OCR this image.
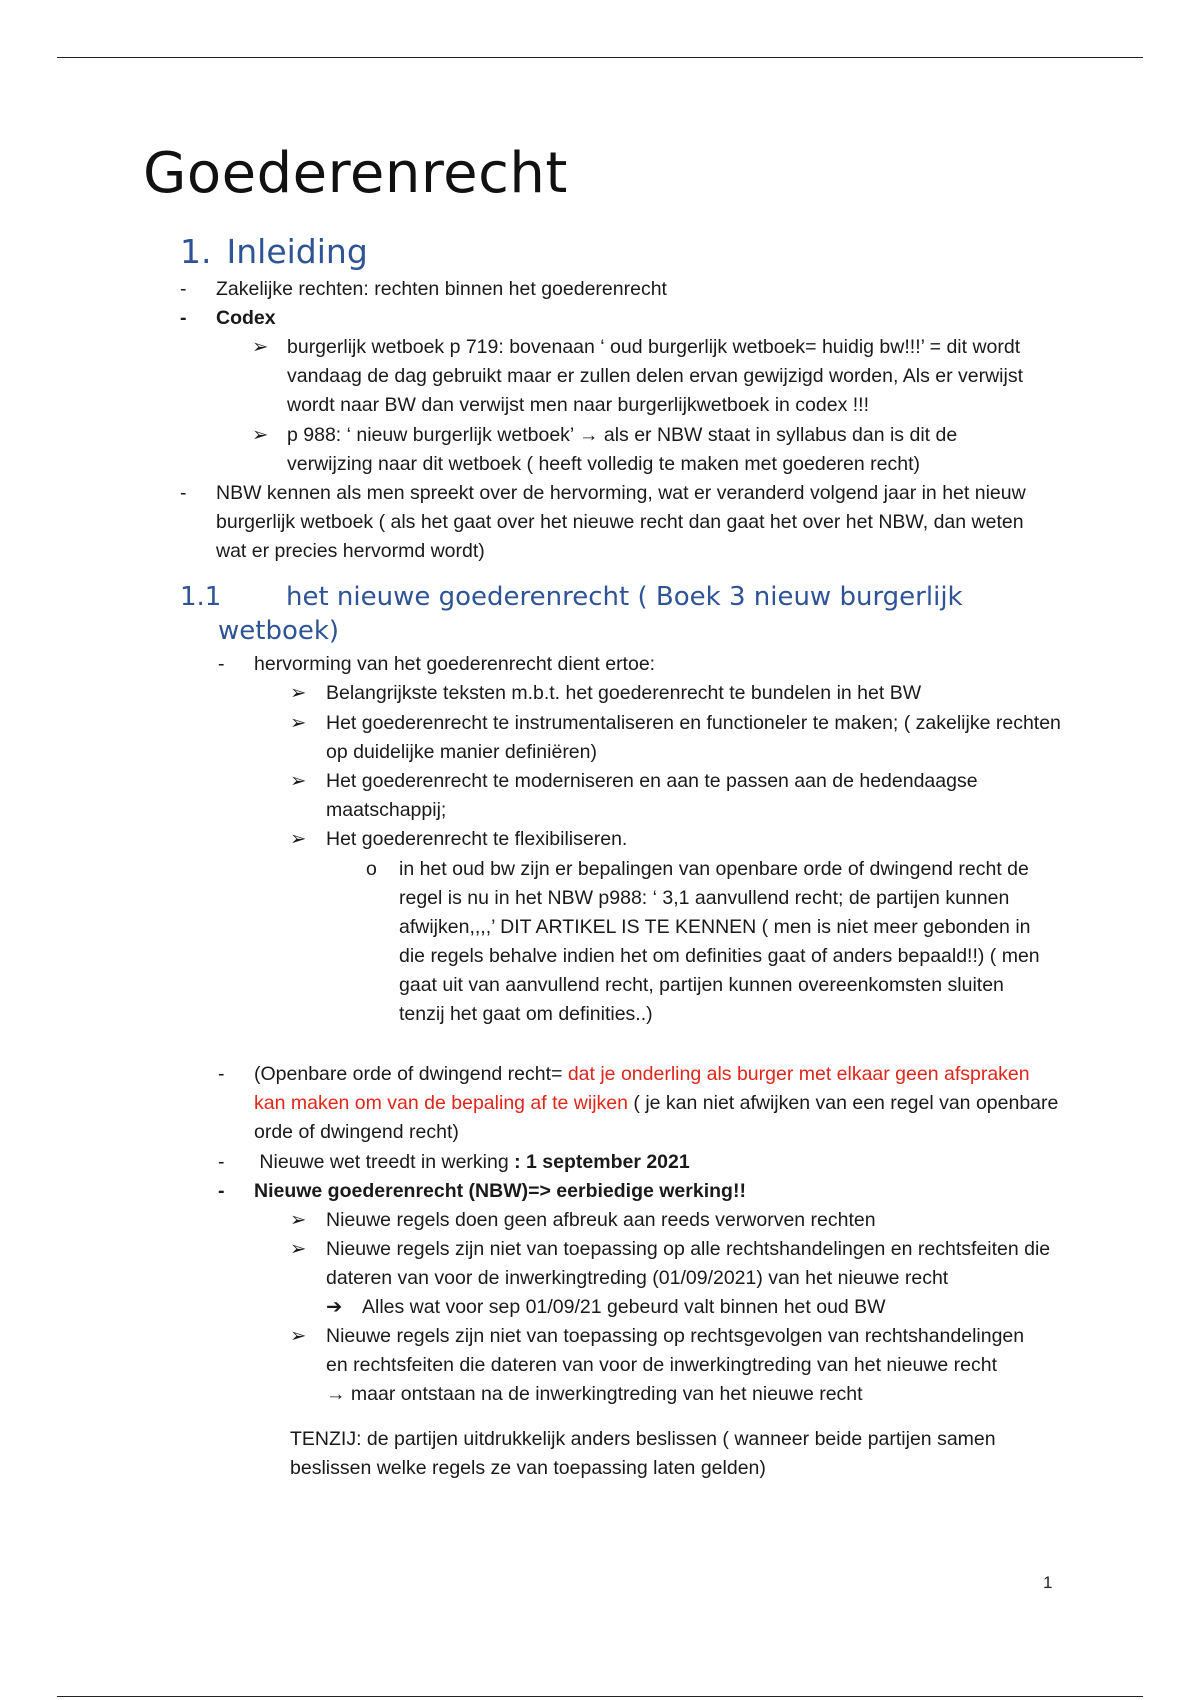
Goederenrecht
1. Inleiding
- Zakelijke rechten: rechten binnen het goederenrecht
- Codex
➢ burgerlijk wetboek p 719: bovenaan ‘ oud burgerlijk wetboek= huidig bw!!!’ = dit wordt vandaag de dag gebruikt maar er zullen delen ervan gewijzigd worden, Als er verwijst wordt naar BW dan verwijst men naar burgerlijkwetboek in codex !!!
➢ p 988: ‘ nieuw burgerlijk wetboek’ → als er NBW staat in syllabus dan is dit de verwijzing naar dit wetboek ( heeft volledig te maken met goederen recht)
- NBW kennen als men spreekt over de hervorming, wat er veranderd volgend jaar in het nieuw burgerlijk wetboek ( als het gaat over het nieuwe recht dan gaat het over het NBW, dan weten wat er precies hervormd wordt)
1.1 het nieuwe goederenrecht ( Boek 3 nieuw burgerlijk
wetboek)
- hervorming van het goederenrecht dient ertoe:
➢ Belangrijkste teksten m.b.t. het goederenrecht te bundelen in het BW
➢ Het goederenrecht te instrumentaliseren en functioneler te maken; ( zakelijke rechten op duidelijke manier definiëren)
➢ Het goederenrecht te moderniseren en aan te passen aan de hedendaagse maatschappij;
➢ Het goederenrecht te flexibiliseren.
o in het oud bw zijn er bepalingen van openbare orde of dwingend recht de regel is nu in het NBW p988: ‘ 3,1 aanvullend recht; de partijen kunnen afwijken,,,,’ DIT ARTIKEL IS TE KENNEN ( men is niet meer gebonden in die regels behalve indien het om definities gaat of anders bepaald!!) ( men gaat uit van aanvullend recht, partijen kunnen overeenkomsten sluiten tenzij het gaat om definities..)
- (Openbare orde of dwingend recht= dat je onderling als burger met elkaar geen afspraken kan maken om van de bepaling af te wijken ( je kan niet afwijken van een regel van openbare orde of dwingend recht)
- Nieuwe wet treedt in werking : 1 september 2021
- Nieuwe goederenrecht (NBW)=> eerbiedige werking!!
➢ Nieuwe regels doen geen afbreuk aan reeds verworven rechten
➢ Nieuwe regels zijn niet van toepassing op alle rechtshandelingen en rechtsfeiten die dateren van voor de inwerkingtreding (01/09/2021) van het nieuwe recht
➔ Alles wat voor sep 01/09/21 gebeurd valt binnen het oud BW
➢ Nieuwe regels zijn niet van toepassing op rechtsgevolgen van rechtshandelingen
en rechtsfeiten die dateren van voor de inwerkingtreding van het nieuwe recht
→ maar ontstaan na de inwerkingtreding van het nieuwe recht
TENZIJ: de partijen uitdrukkelijk anders beslissen ( wanneer beide partijen samen beslissen welke regels ze van toepassing laten gelden)
1
